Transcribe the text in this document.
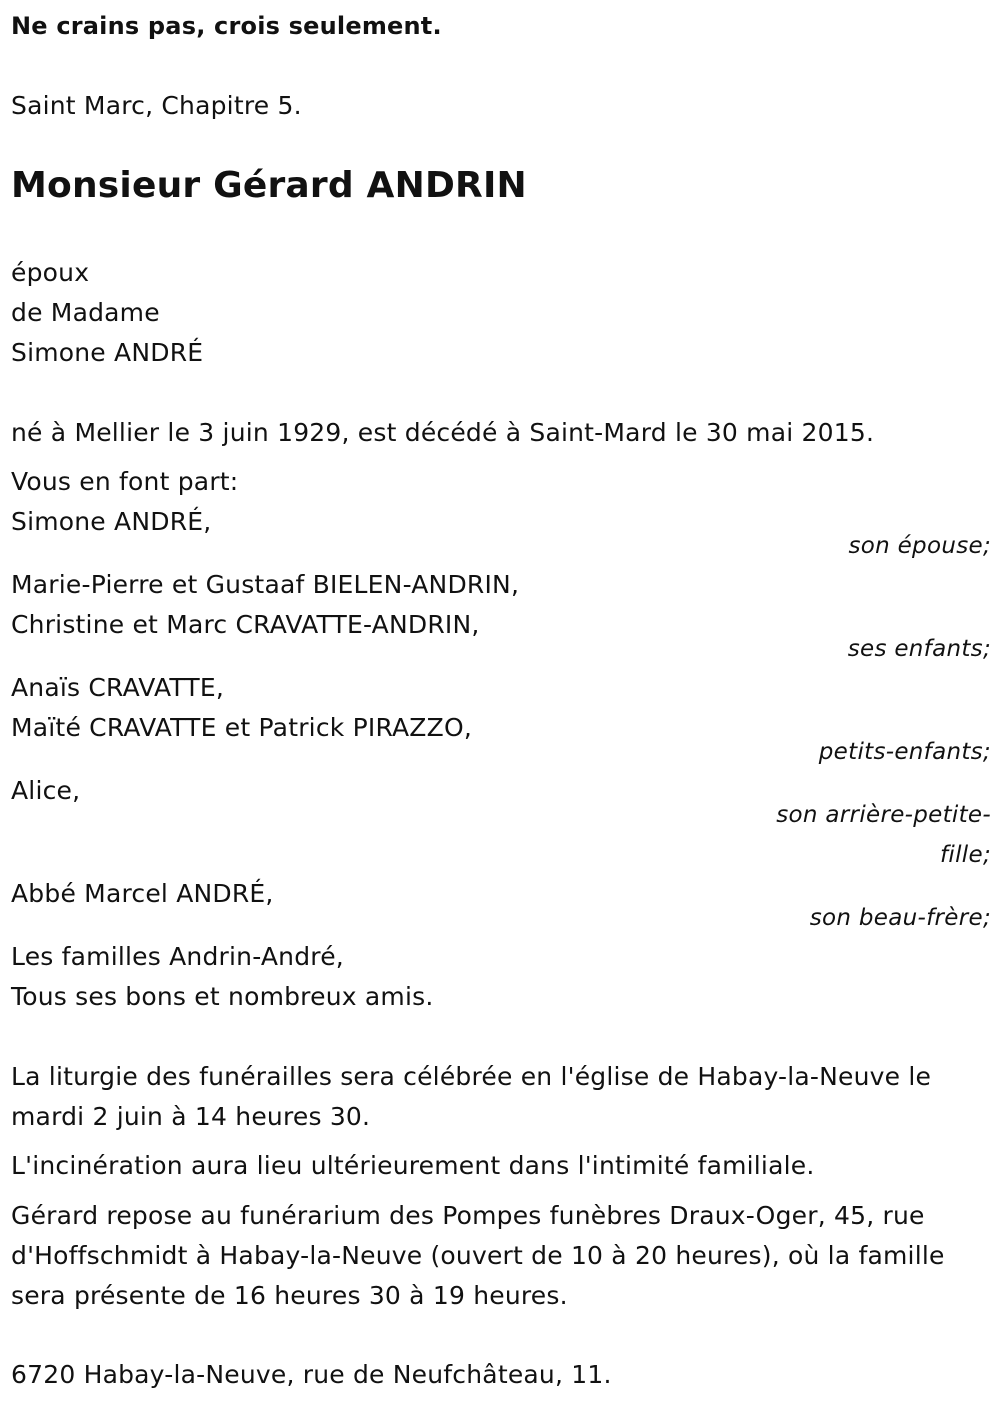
Ne crains pas, crois seulement.
Saint Marc, Chapitre 5.
Monsieur Gérard ANDRIN
époux
de Madame
Simone ANDRÉ
né à Mellier le 3 juin 1929, est décédé à Saint-Mard le 30 mai 2015.
Vous en font part:
Simone ANDRÉ,
son épouse;
Marie-Pierre et Gustaaf BIELEN-ANDRIN,
Christine et Marc CRAVATTE-ANDRIN,
ses enfants;
Anaïs CRAVATTE,
Maïté CRAVATTE et Patrick PIRAZZO,
petits-enfants;
Alice,
son arrière-petite-
fille;
Abbé Marcel ANDRÉ,
son beau-frère;
Les familles Andrin-André,
Tous ses bons et nombreux amis.
La liturgie des funérailles sera célébrée en l'église de Habay-la-Neuve le mardi 2 juin à 14 heures 30.
L'incinération aura lieu ultérieurement dans l'intimité familiale.
Gérard repose au funérarium des Pompes funèbres Draux-Oger, 45, rue d'Hoffschmidt à Habay-la-Neuve (ouvert de 10 à 20 heures), où la famille sera présente de 16 heures 30 à 19 heures.
6720 Habay-la-Neuve, rue de Neufchâteau, 11.
